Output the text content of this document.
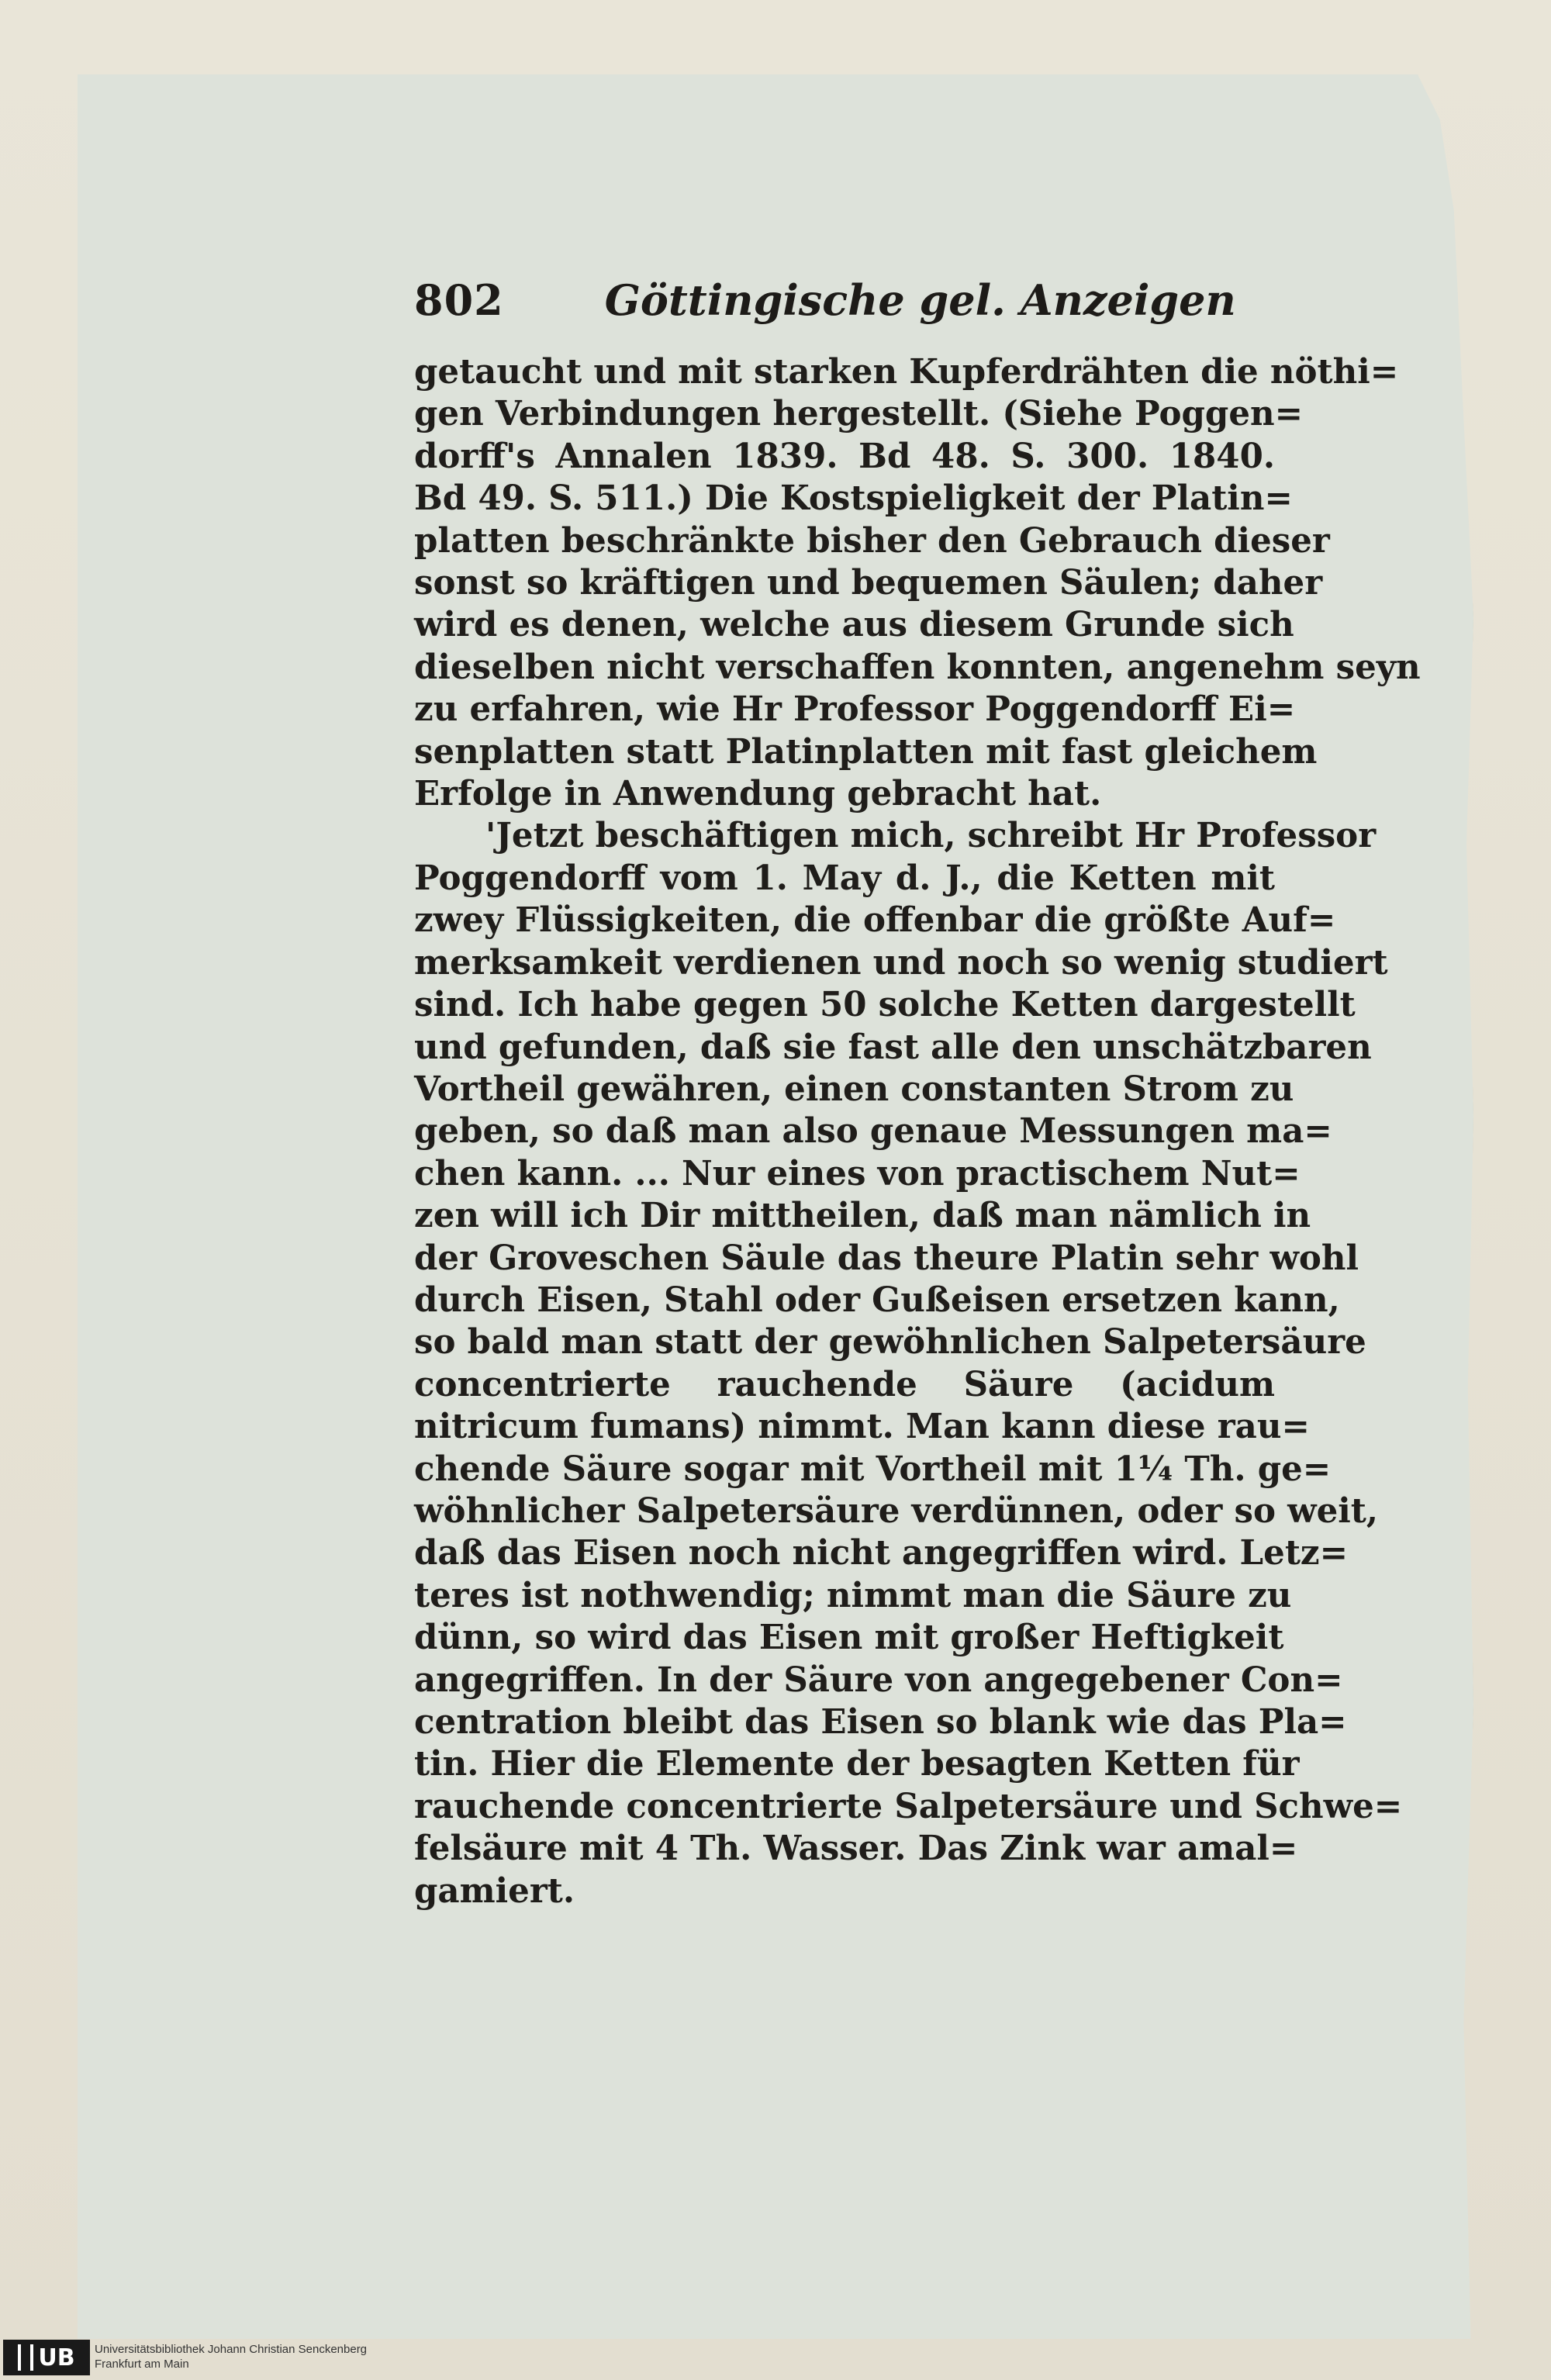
802 Göttingische gel. Anzeigen
getaucht und mit starken Kupferdrähten die nöthi=
gen Verbindungen hergestellt. (Siehe Poggen=
dorff's Annalen 1839. Bd 48. S. 300. 1840.
Bd 49. S. 511.) Die Kostspieligkeit der Platin=
platten beschränkte bisher den Gebrauch dieser
sonst so kräftigen und bequemen Säulen; daher
wird es denen, welche aus diesem Grunde sich
dieselben nicht verschaffen konnten, angenehm seyn
zu erfahren, wie Hr Professor Poggendorff Ei=
senplatten statt Platinplatten mit fast gleichem
Erfolge in Anwendung gebracht hat.
'Jetzt beschäftigen mich, schreibt Hr Professor
Poggendorff vom 1. May d. J., die Ketten mit
zwey Flüssigkeiten, die offenbar die größte Auf=
merksamkeit verdienen und noch so wenig studiert
sind. Ich habe gegen 50 solche Ketten dargestellt
und gefunden, daß sie fast alle den unschätzbaren
Vortheil gewähren, einen constanten Strom zu
geben, so daß man also genaue Messungen ma=
chen kann. ... Nur eines von practischem Nut=
zen will ich Dir mittheilen, daß man nämlich in
der Groveschen Säule das theure Platin sehr wohl
durch Eisen, Stahl oder Gußeisen ersetzen kann,
so bald man statt der gewöhnlichen Salpetersäure
concentrierte rauchende Säure (acidum
nitricum fumans) nimmt. Man kann diese rau=
chende Säure sogar mit Vortheil mit 1¼ Th. ge=
wöhnlicher Salpetersäure verdünnen, oder so weit,
daß das Eisen noch nicht angegriffen wird. Letz=
teres ist nothwendig; nimmt man die Säure zu
dünn, so wird das Eisen mit großer Heftigkeit
angegriffen. In der Säure von angegebener Con=
centration bleibt das Eisen so blank wie das Pla=
tin. Hier die Elemente der besagten Ketten für
rauchende concentrierte Salpetersäure und Schwe=
felsäure mit 4 Th. Wasser. Das Zink war amal=
gamiert.
UB Universitätsbibliothek Johann Christian Senckenberg
Frankfurt am Main
